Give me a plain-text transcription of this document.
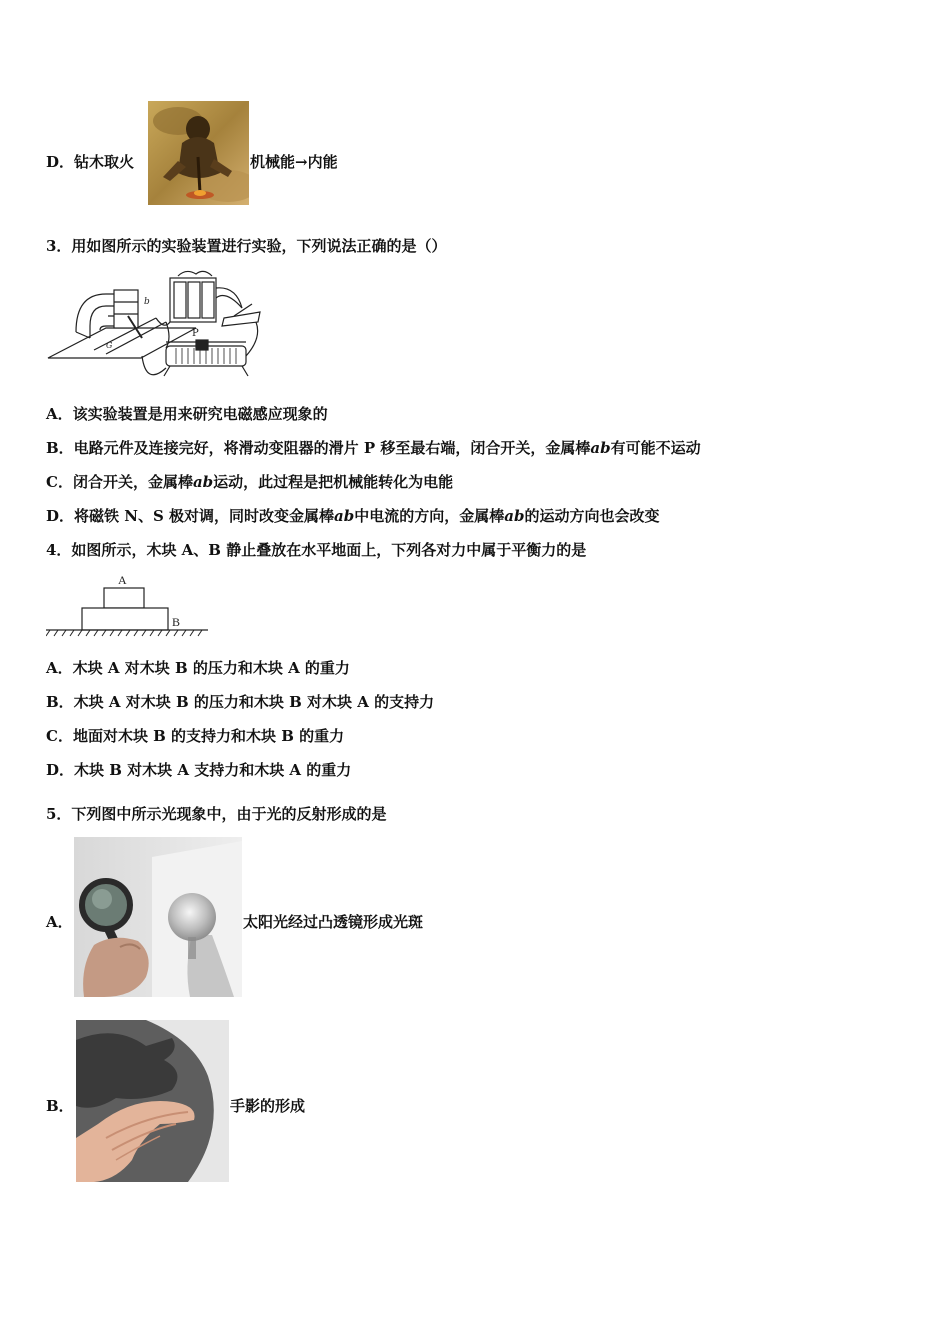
D．钻木取火	机械能→内能
3．用如图所示的实验装置进行实验，下列说法正确的是（）
b
G
P
A．该实验装置是用来研究电磁感应现象的
B．电路元件及连接完好，将滑动变阻器的滑片 P 移至最右端，闭合开关，金属棒ab有可能不运动
C．闭合开关，金属棒ab运动，此过程是把机械能转化为电能
D．将磁铁 N、S 极对调，同时改变金属棒ab中电流的方向，金属棒ab的运动方向也会改变
4．如图所示，木块 A、B 静止叠放在水平地面上，下列各对力中属于平衡力的是
A
B
A．木块 A 对木块 B 的压力和木块 A 的重力
B．木块 A 对木块 B 的压力和木块 B 对木块 A 的支持力
C．地面对木块 B 的支持力和木块 B 的重力
D．木块 B 对木块 A 支持力和木块 A 的重力
5．下列图中所示光现象中，由于光的反射形成的是
A．	太阳光经过凸透镜形成光斑
B．	手影的形成
